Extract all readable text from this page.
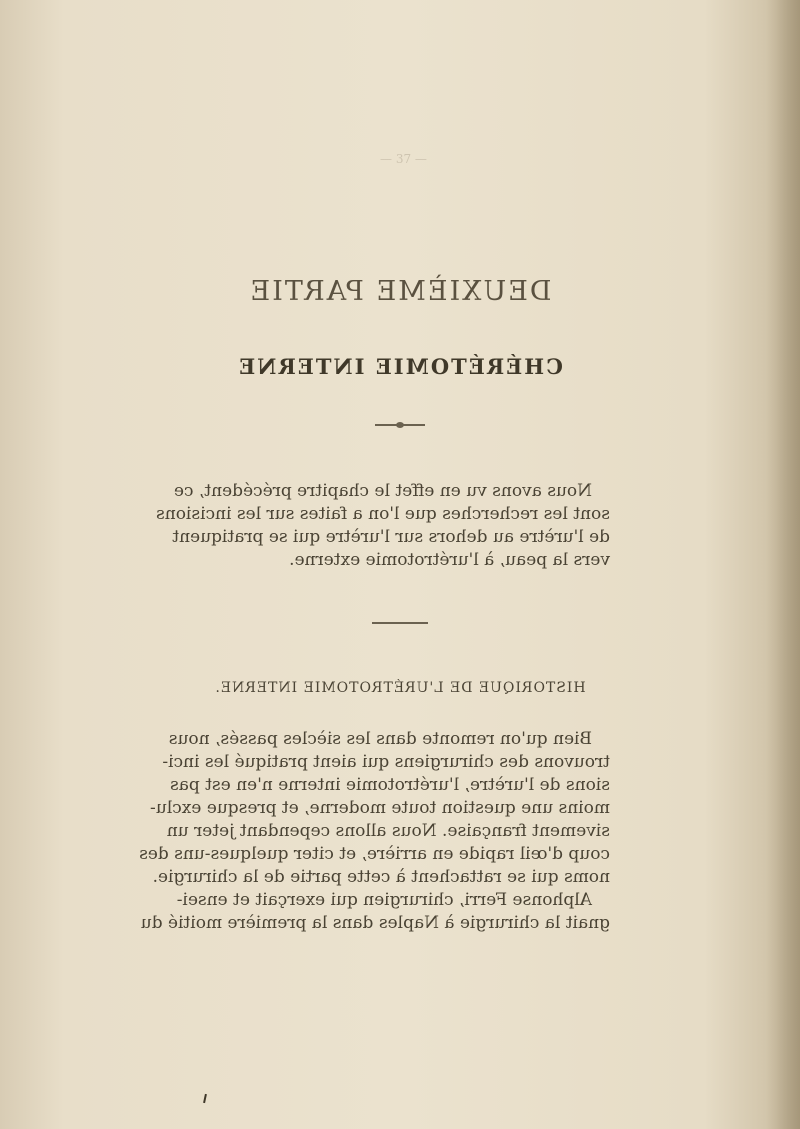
— 37 —

DEUXIÈME PARTIE
CHÉRÉTOMIE INTERNE
Nous avons vu en effet le chapitre précédent, ce
sont les recherches que l'on a faites sur les incisions
de l'urètre au dehors sur l'urètre qui se pratiquent
vers la peau, à l'urétrotomie externe.
HISTORIQUE DE L'URÉTROTOMIE INTERNE.
Bien qu'on remonte dans les siècles passés, nous
trouvons des chirurgiens qui aient pratiqué les inci-
sions de l'urètre, l'urétrotomie interne n'en est pas
moins une question toute moderne, et presque exclu-
sivement française. Nous allons cependant jeter un
coup d'œil rapide en arrière, et citer quelques-uns des
noms qui se rattachent à cette partie de la chirurgie.
Alphonse Ferri, chirurgien qui exerçait et ensei-
gnait la chirurgie à Naples dans la première moitié du
